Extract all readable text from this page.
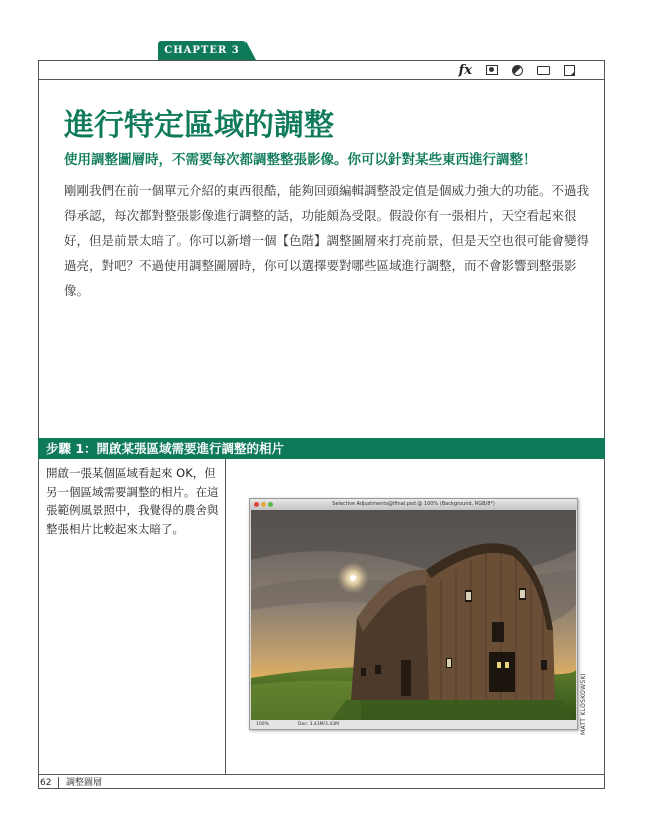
CHAPTER 3
fx
進行特定區域的調整
使用調整圖層時，不需要每次都調整整張影像。你可以針對某些東西進行調整！
剛剛我們在前一個單元介紹的東西很酷，能夠回頭編輯調整設定值是個威力強大的功能。不過我得承認，每次都對整張影像進行調整的話，功能頗為受限。假設你有一張相片，天空看起來很好，但是前景太暗了。你可以新增一個【色階】調整圖層來打亮前景，但是天空也很可能會變得過亮，對吧？不過使用調整圖層時，你可以選擇要對哪些區域進行調整，而不會影響到整張影像。
步驟 1：開啟某張區域需要進行調整的相片
開啟一張某個區域看起來 OK，但另一個區域需要調整的相片。在這張範例風景照中，我覺得的農舍與整張相片比較起來太暗了。
Selective Adjustments@Ifinal.psd @ 100% (Background, RGB/8*)
100%	Doc: 3.43M/3.43M	MATT KLOSKOWSKI
62	調整圖層
